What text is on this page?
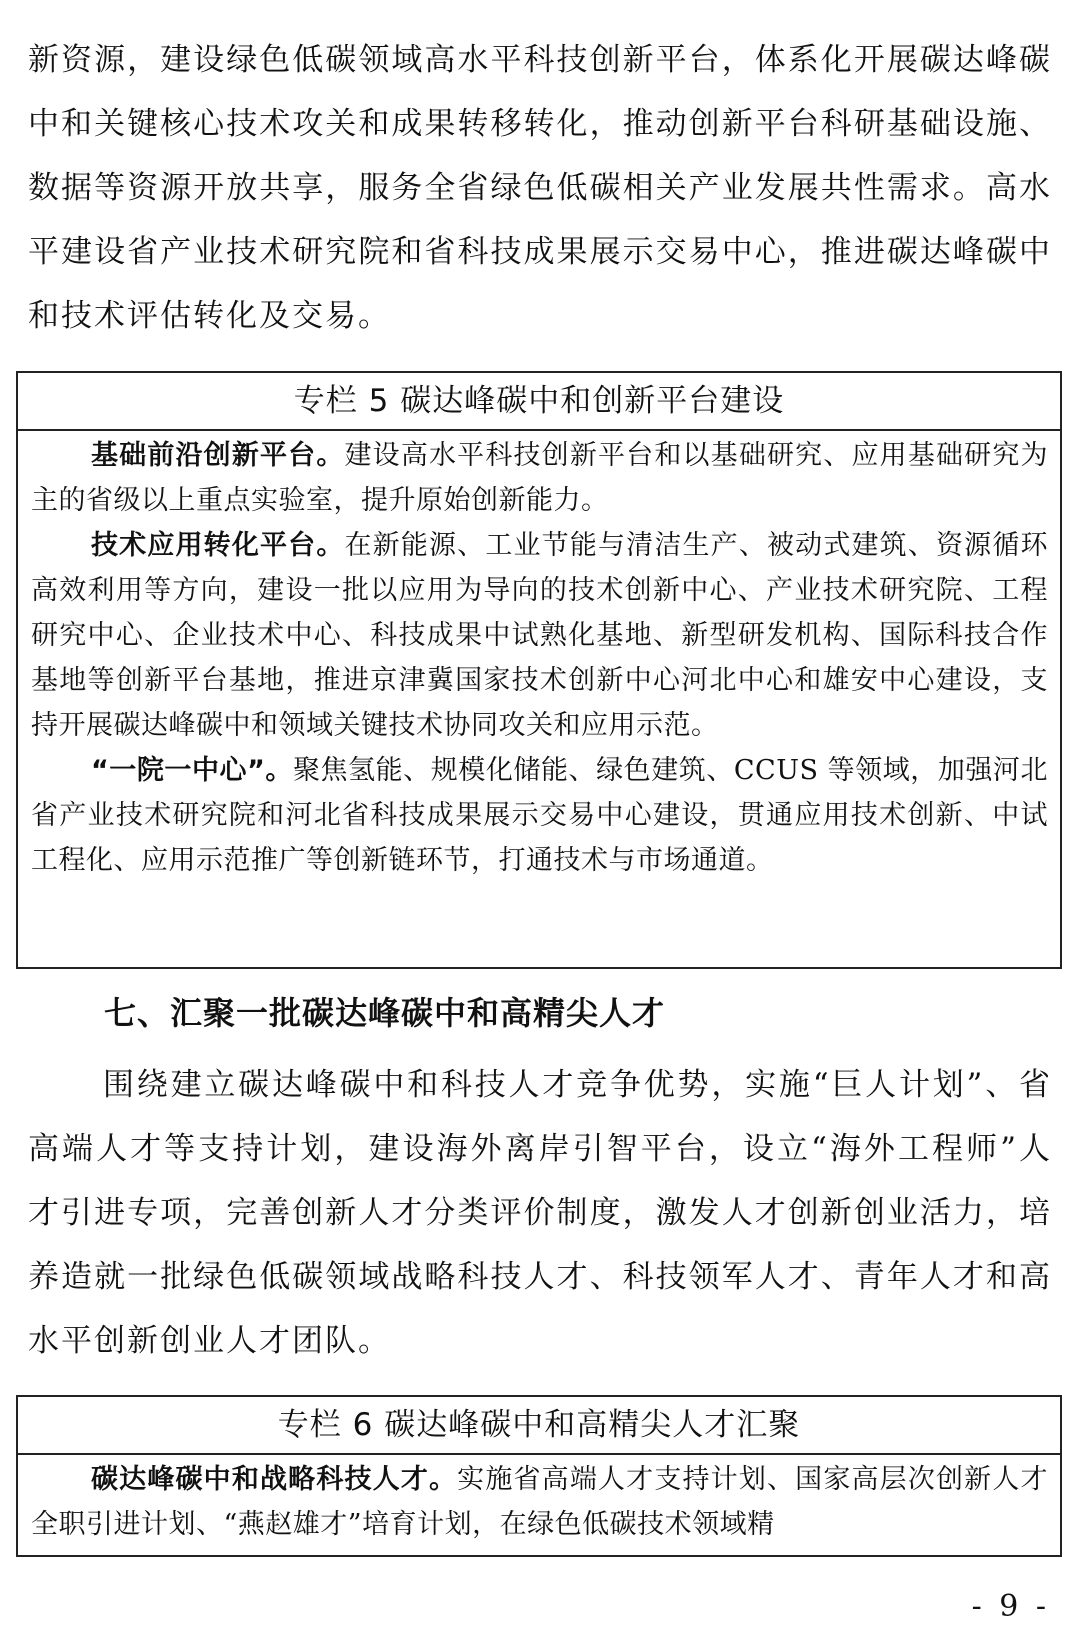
新资源，建设绿色低碳领域高水平科技创新平台，体系化开展碳达峰碳中和关键核心技术攻关和成果转移转化，推动创新平台科研基础设施、数据等资源开放共享，服务全省绿色低碳相关产业发展共性需求。高水平建设省产业技术研究院和省科技成果展示交易中心，推进碳达峰碳中和技术评估转化及交易。

专栏 5 碳达峰碳中和创新平台建设

基础前沿创新平台。建设高水平科技创新平台和以基础研究、应用基础研究为主的省级以上重点实验室，提升原始创新能力。

技术应用转化平台。在新能源、工业节能与清洁生产、被动式建筑、资源循环高效利用等方向，建设一批以应用为导向的技术创新中心、产业技术研究院、工程研究中心、企业技术中心、科技成果中试熟化基地、新型研发机构、国际科技合作基地等创新平台基地，推进京津冀国家技术创新中心河北中心和雄安中心建设，支持开展碳达峰碳中和领域关键技术协同攻关和应用示范。

“一院一中心”。聚焦氢能、规模化储能、绿色建筑、CCUS 等领域，加强河北省产业技术研究院和河北省科技成果展示交易中心建设，贯通应用技术创新、中试工程化、应用示范推广等创新链环节，打通技术与市场通道。

七、汇聚一批碳达峰碳中和高精尖人才

围绕建立碳达峰碳中和科技人才竞争优势，实施“巨人计划”、省高端人才等支持计划，建设海外离岸引智平台，设立“海外工程师”人才引进专项，完善创新人才分类评价制度，激发人才创新创业活力，培养造就一批绿色低碳领域战略科技人才、科技领军人才、青年人才和高水平创新创业人才团队。

专栏 6 碳达峰碳中和高精尖人才汇聚

碳达峰碳中和战略科技人才。实施省高端人才支持计划、国家高层次创新人才全职引进计划、“燕赵雄才”培育计划，在绿色低碳技术领域精

- 9 -
